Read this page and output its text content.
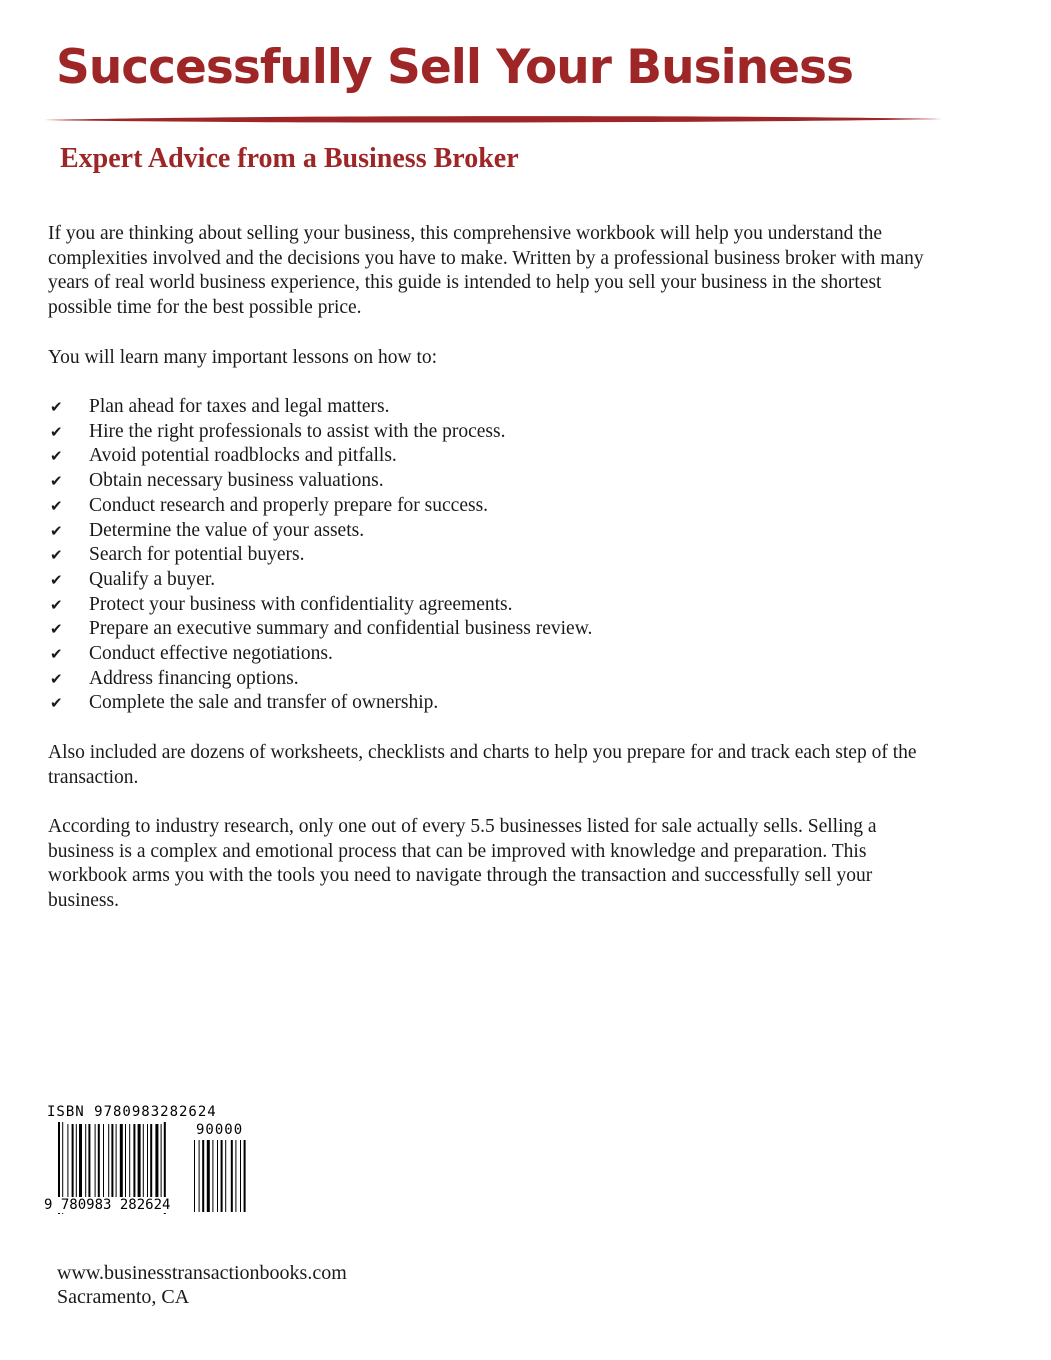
Successfully Sell Your Business
Expert Advice from a Business Broker

If you are thinking about selling your business, this comprehensive workbook will help you understand the complexities involved and the decisions you have to make. Written by a professional business broker with many years of real world business experience, this guide is intended to help you sell your business in the shortest possible time for the best possible price.

You will learn many important lessons on how to:

✔ Plan ahead for taxes and legal matters.
✔ Hire the right professionals to assist with the process.
✔ Avoid potential roadblocks and pitfalls.
✔ Obtain necessary business valuations.
✔ Conduct research and properly prepare for success.
✔ Determine the value of your assets.
✔ Search for potential buyers.
✔ Qualify a buyer.
✔ Protect your business with confidentiality agreements.
✔ Prepare an executive summary and confidential business review.
✔ Conduct effective negotiations.
✔ Address financing options.
✔ Complete the sale and transfer of ownership.

Also included are dozens of worksheets, checklists and charts to help you prepare for and track each step of the transaction.

According to industry research, only one out of every 5.5 businesses listed for sale actually sells. Selling a business is a complex and emotional process that can be improved with knowledge and preparation. This workbook arms you with the tools you need to navigate through the transaction and successfully sell your business.

ISBN 9780983282624
90000
9 780983 282624
www.businesstransactionbooks.com
Sacramento, CA
